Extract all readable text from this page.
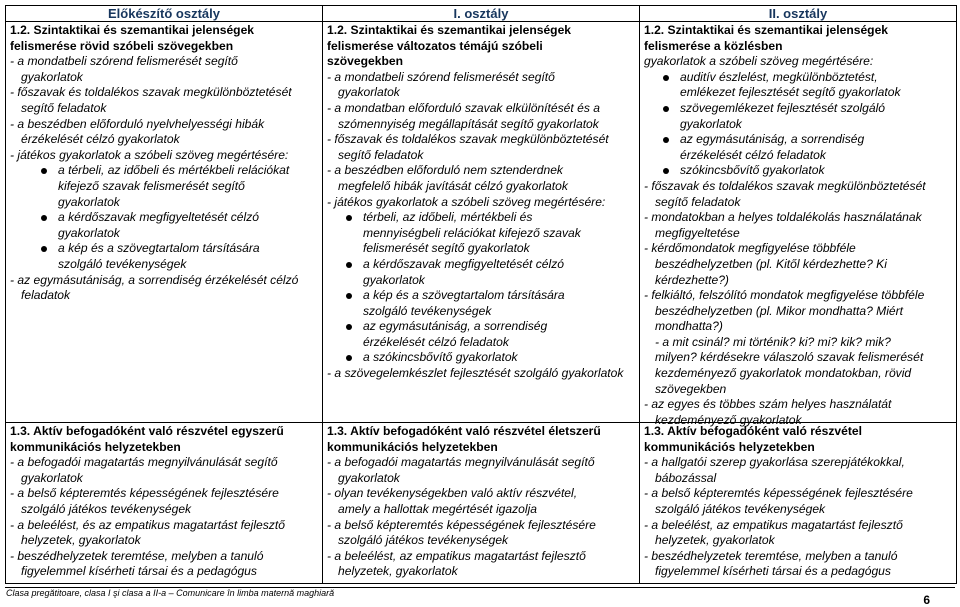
Előkészítő osztály	I. osztály	II. osztály
1.2. Szintaktikai és szemantikai jelenségek
felismerése rövid szóbeli szövegekben
- a mondatbeli szórend felismerését segítő
gyakorlatok
- főszavak és toldalékos szavak megkülönböztetését
segítő feladatok
- a beszédben előforduló nyelvhelyességi hibák
érzékelését célzó gyakorlatok
- játékos gyakorlatok a szóbeli szöveg megértésére:
a térbeli, az időbeli és mértékbeli relációkat
kifejező szavak felismerését segítő
gyakorlatok
a kérdőszavak megfigyeltetését célzó
gyakorlatok
a kép és a szövegtartalom társítására
szolgáló tevékenységek
- az egymásutániság, a sorrendiség érzékelését célzó
feladatok
1.2. Szintaktikai és szemantikai jelenségek
felismerése változatos témájú szóbeli
szövegekben
- a mondatbeli szórend felismerését segítő
gyakorlatok
- a mondatban előforduló szavak elkülönítését és a
szómennyiség megállapítását segítő gyakorlatok
- főszavak és toldalékos szavak megkülönböztetését
segítő feladatok
- a beszédben előforduló nem sztenderdnek
megfelelő hibák javítását célzó gyakorlatok
- játékos gyakorlatok a szóbeli szöveg megértésére:
térbeli, az időbeli, mértékbeli és
mennyiségbeli relációkat kifejező szavak
felismerését segítő gyakorlatok
a kérdőszavak megfigyeltetését célzó
gyakorlatok
a kép és a szövegtartalom társítására
szolgáló tevékenységek
az egymásutániság, a sorrendiség
érzékelését célzó feladatok
a szókincsbővítő gyakorlatok
- a szövegelemkészlet fejlesztését szolgáló gyakorlatok
1.2. Szintaktikai és szemantikai jelenségek
felismerése a közlésben
gyakorlatok a szóbeli szöveg megértésére:
auditív észlelést, megkülönböztetést,
emlékezet fejlesztését segítő gyakorlatok
szövegemlékezet fejlesztését szolgáló
gyakorlatok
az egymásutániság, a sorrendiség
érzékelését célzó feladatok
szókincsbővítő gyakorlatok
- főszavak és toldalékos szavak megkülönböztetését
segítő feladatok
- mondatokban a helyes toldalékolás használatának
megfigyeltetése
- kérdőmondatok megfigyelése többféle
beszédhelyzetben (pl. Kitől kérdezhette? Ki
kérdezhette?)
- felkiáltó, felszólító mondatok megfigyelése többféle
beszédhelyzetben (pl. Mikor mondhatta? Miért
mondhatta?)
- a mit csinál? mi történik? ki? mi? kik? mik?
milyen? kérdésekre válaszoló szavak felismerését
kezdeményező gyakorlatok mondatokban, rövid
szövegekben
- az egyes és többes szám helyes használatát
kezdeményező gyakorlatok
1.3. Aktív befogadóként való részvétel egyszerű
kommunikációs helyzetekben
- a befogadói magatartás megnyilvánulását segítő
gyakorlatok
- a belső képteremtés képességének fejlesztésére
szolgáló játékos tevékenységek
- a beleélést, és az empatikus magatartást fejlesztő
helyzetek, gyakorlatok
- beszédhelyzetek teremtése, melyben a tanuló
figyelemmel kísérheti társai és a pedagógus
1.3. Aktív befogadóként való részvétel életszerű
kommunikációs helyzetekben
- a befogadói magatartás megnyilvánulását segítő
gyakorlatok
- olyan tevékenységekben való aktív részvétel,
amely a hallottak megértését igazolja
- a belső képteremtés képességének fejlesztésére
szolgáló játékos tevékenységek
- a beleélést, az empatikus magatartást fejlesztő
helyzetek, gyakorlatok
1.3. Aktív befogadóként való részvétel
kommunikációs helyzetekben
- a hallgatói szerep gyakorlása szerepjátékokkal,
bábozással
- a belső képteremtés képességének fejlesztésére
szolgáló játékos tevékenységek
- a beleélést, az empatikus magatartást fejlesztő
helyzetek, gyakorlatok
- beszédhelyzetek teremtése, melyben a tanuló
figyelemmel kísérheti társai és a pedagógus
Clasa pregătitoare, clasa I şi clasa a II-a – Comunicare în limba maternă maghiară	6
